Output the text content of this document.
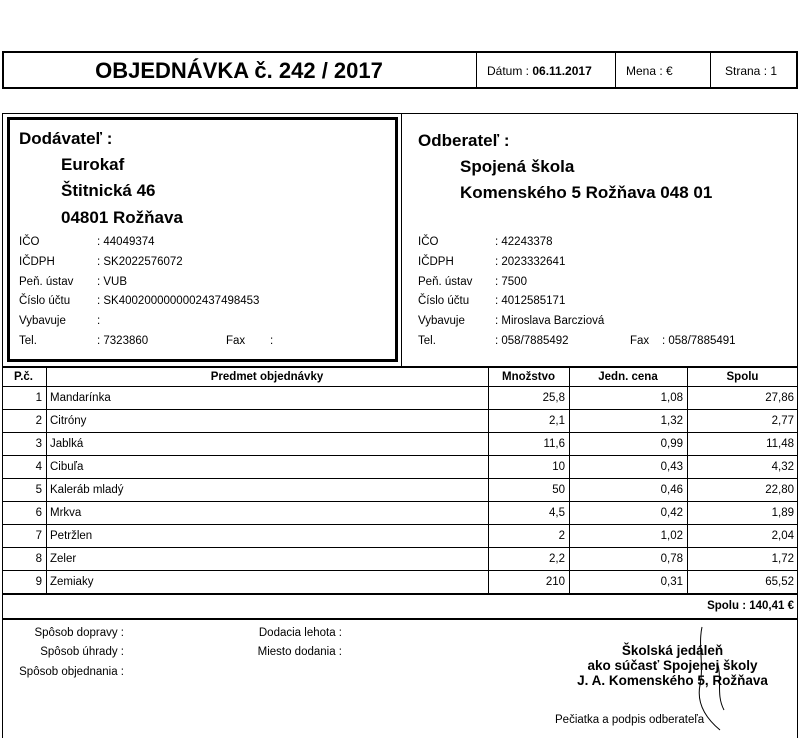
OBJEDNÁVKA č. 242 / 2017	Dátum : 06.11.2017	Mena : €	Strana : 1
Dodávateľ :
Eurokaf
Štitnická 46
04801 Rožňava
IČO	: 44049374
IČDPH	: SK2022576072
Peň. ústav : VUB
Číslo účtu : SK4002000000002437498453
Vybavuje	:
Tel.	: 7323860	Fax :
Odberateľ :
Spojená škola
Komenského 5 Rožňava 048 01
IČO	: 42243378
IČDPH	: 2023332641
Peň. ústav : 7500
Číslo účtu : 4012585171
Vybavuje	: Miroslava Barcziová
Tel.	: 058/7885492	Fax : 058/7885491
P.č.	Predmet objednávky	Množstvo	Jedn. cena	Spolu
1 Mandarínka	25,8	1,08	27,86
2 Citróny	2,1	1,32	2,77
3 Jablká	11,6	0,99	11,48
4 Cibuľa	10	0,43	4,32
5 Kaleráb mladý	50	0,46	22,80
6 Mrkva	4,5	0,42	1,89
7 Petržlen	2	1,02	2,04
8 Zeler	2,2	0,78	1,72
9 Zemiaky	210	0,31	65,52
Spolu : 140,41 €
Spôsob dopravy :
Spôsob úhrady :
Spôsob objednania :
Dodacia lehota :
Miesto dodania :	Školská jedáleň
ako súčasť Spojenej školy
J. A. Komenského 5, Rožňava
Pečiatka a podpis odberateľa
